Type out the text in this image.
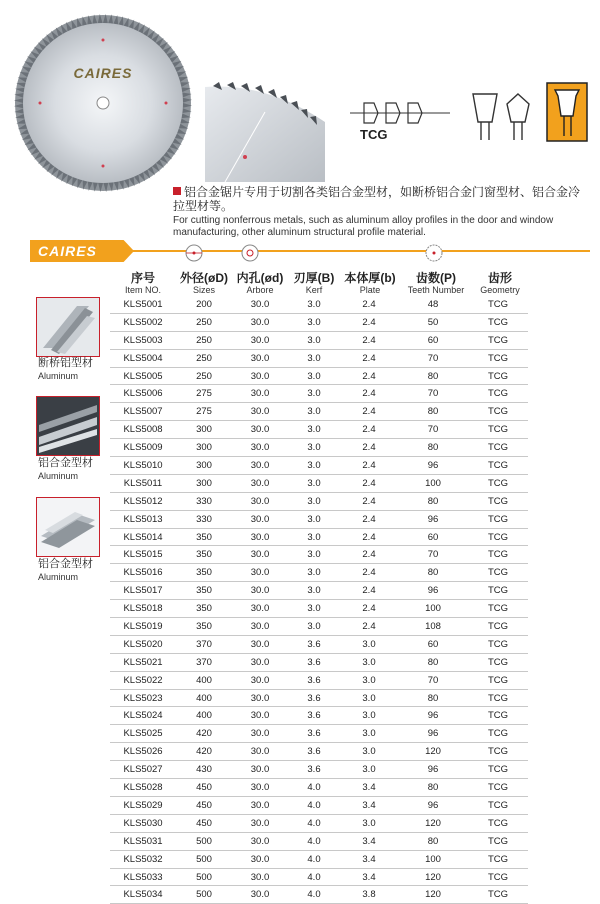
CAIRES
TCG
铝合金锯片专用于切割各类铝合金型材，如断桥铝合金门窗型材、铝合金冷拉型材等。
For cutting nonferrous metals, such as aluminum alloy profiles in the door and window manufacturing, other aluminum structural profile material.
CAIRES
序号
Item NO.
外径(øD)
Sizes
内孔(ød)
Arbore
刃厚(B)
Kerf
本体厚(b)
Plate
齿数(P)
Teeth Number
齿形
Geometry
KLS5001	200	30.0	3.0	2.4	48	TCG
KLS5002	250	30.0	3.0	2.4	50	TCG
KLS5003	250	30.0	3.0	2.4	60	TCG
KLS5004	250	30.0	3.0	2.4	70	TCG
KLS5005	250	30.0	3.0	2.4	80	TCG
KLS5006	275	30.0	3.0	2.4	70	TCG
KLS5007	275	30.0	3.0	2.4	80	TCG
KLS5008	300	30.0	3.0	2.4	70	TCG
KLS5009	300	30.0	3.0	2.4	80	TCG
KLS5010	300	30.0	3.0	2.4	96	TCG
KLS5011	300	30.0	3.0	2.4	100	TCG
KLS5012	330	30.0	3.0	2.4	80	TCG
KLS5013	330	30.0	3.0	2.4	96	TCG
KLS5014	350	30.0	3.0	2.4	60	TCG
KLS5015	350	30.0	3.0	2.4	70	TCG
KLS5016	350	30.0	3.0	2.4	80	TCG
KLS5017	350	30.0	3.0	2.4	96	TCG
KLS5018	350	30.0	3.0	2.4	100	TCG
KLS5019	350	30.0	3.0	2.4	108	TCG
KLS5020	370	30.0	3.6	3.0	60	TCG
KLS5021	370	30.0	3.6	3.0	80	TCG
KLS5022	400	30.0	3.6	3.0	70	TCG
KLS5023	400	30.0	3.6	3.0	80	TCG
KLS5024	400	30.0	3.6	3.0	96	TCG
KLS5025	420	30.0	3.6	3.0	96	TCG
KLS5026	420	30.0	3.6	3.0	120	TCG
KLS5027	430	30.0	3.6	3.0	96	TCG
KLS5028	450	30.0	4.0	3.4	80	TCG
KLS5029	450	30.0	4.0	3.4	96	TCG
KLS5030	450	30.0	4.0	3.0	120	TCG
KLS5031	500	30.0	4.0	3.4	80	TCG
KLS5032	500	30.0	4.0	3.4	100	TCG
KLS5033	500	30.0	4.0	3.4	120	TCG
KLS5034	500	30.0	4.0	3.8	120	TCG
断桥铝型材
Aluminum
铝合金型材
Aluminum
铝合金型材
Aluminum
